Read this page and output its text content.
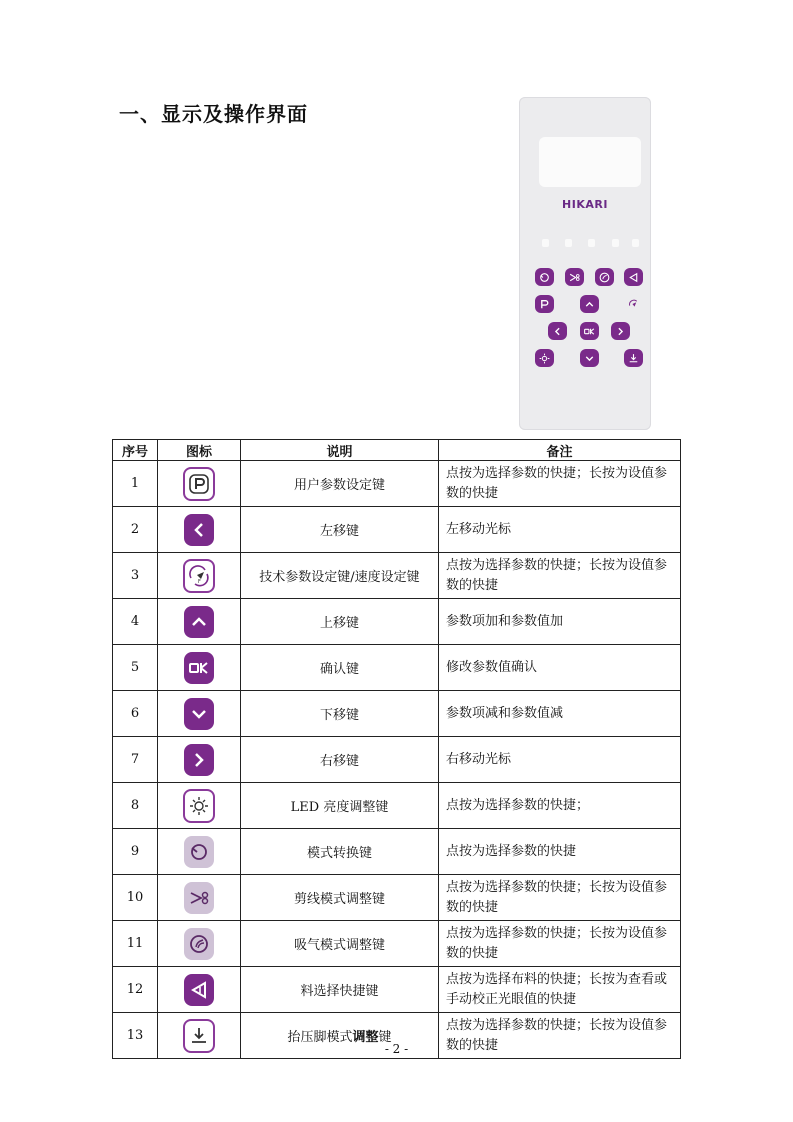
一、显示及操作界面
HIKARI
序号	图标	说明	备注
1		用户参数设定键	点按为选择参数的快捷；长按为设值参数的快捷
2		左移键	左移动光标
3	F	技术参数设定键/速度设定键	点按为选择参数的快捷；长按为设值参数的快捷
4		上移键	参数项加和参数值加
5		确认键	修改参数值确认
6		下移键	参数项减和参数值减
7		右移键	右移动光标
8		LED 亮度调整键	点按为选择参数的快捷；
9		模式转换键	点按为选择参数的快捷
10		剪线模式调整键	点按为选择参数的快捷；长按为设值参数的快捷
11		吸气模式调整键	点按为选择参数的快捷；长按为设值参数的快捷
12		料选择快捷键	点按为选择布料的快捷；长按为查看或手动校正光眼值的快捷
13		抬压脚模式调整键	点按为选择参数的快捷；长按为设值参数的快捷
- 2 -
